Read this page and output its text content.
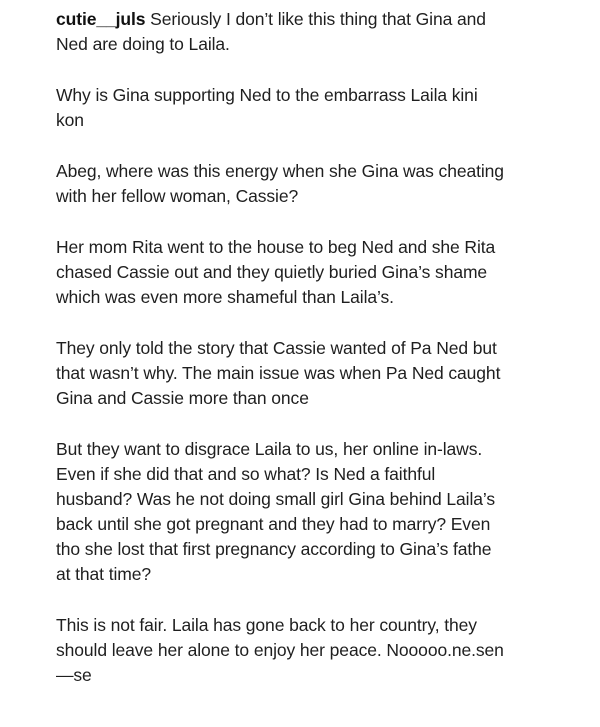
cutie__juls Seriously I don’t like this thing that Gina and
Ned are doing to Laila.

Why is Gina supporting Ned to the embarrass Laila kini
kon

Abeg, where was this energy when she Gina was cheating
with her fellow woman, Cassie?

Her mom Rita went to the house to beg Ned and she Rita
chased Cassie out and they quietly buried Gina’s shame
which was even more shameful than Laila’s.

They only told the story that Cassie wanted of Pa Ned but
that wasn’t why. The main issue was when Pa Ned caught
Gina and Cassie more than once

But they want to disgrace Laila to us, her online in-laws.
Even if she did that and so what? Is Ned a faithful
husband? Was he not doing small girl Gina behind Laila’s
back until she got pregnant and they had to marry? Even
tho she lost that first pregnancy according to Gina’s fathe
at that time?

This is not fair. Laila has gone back to her country, they
should leave her alone to enjoy her peace. Nooooo.ne.sen
—se
